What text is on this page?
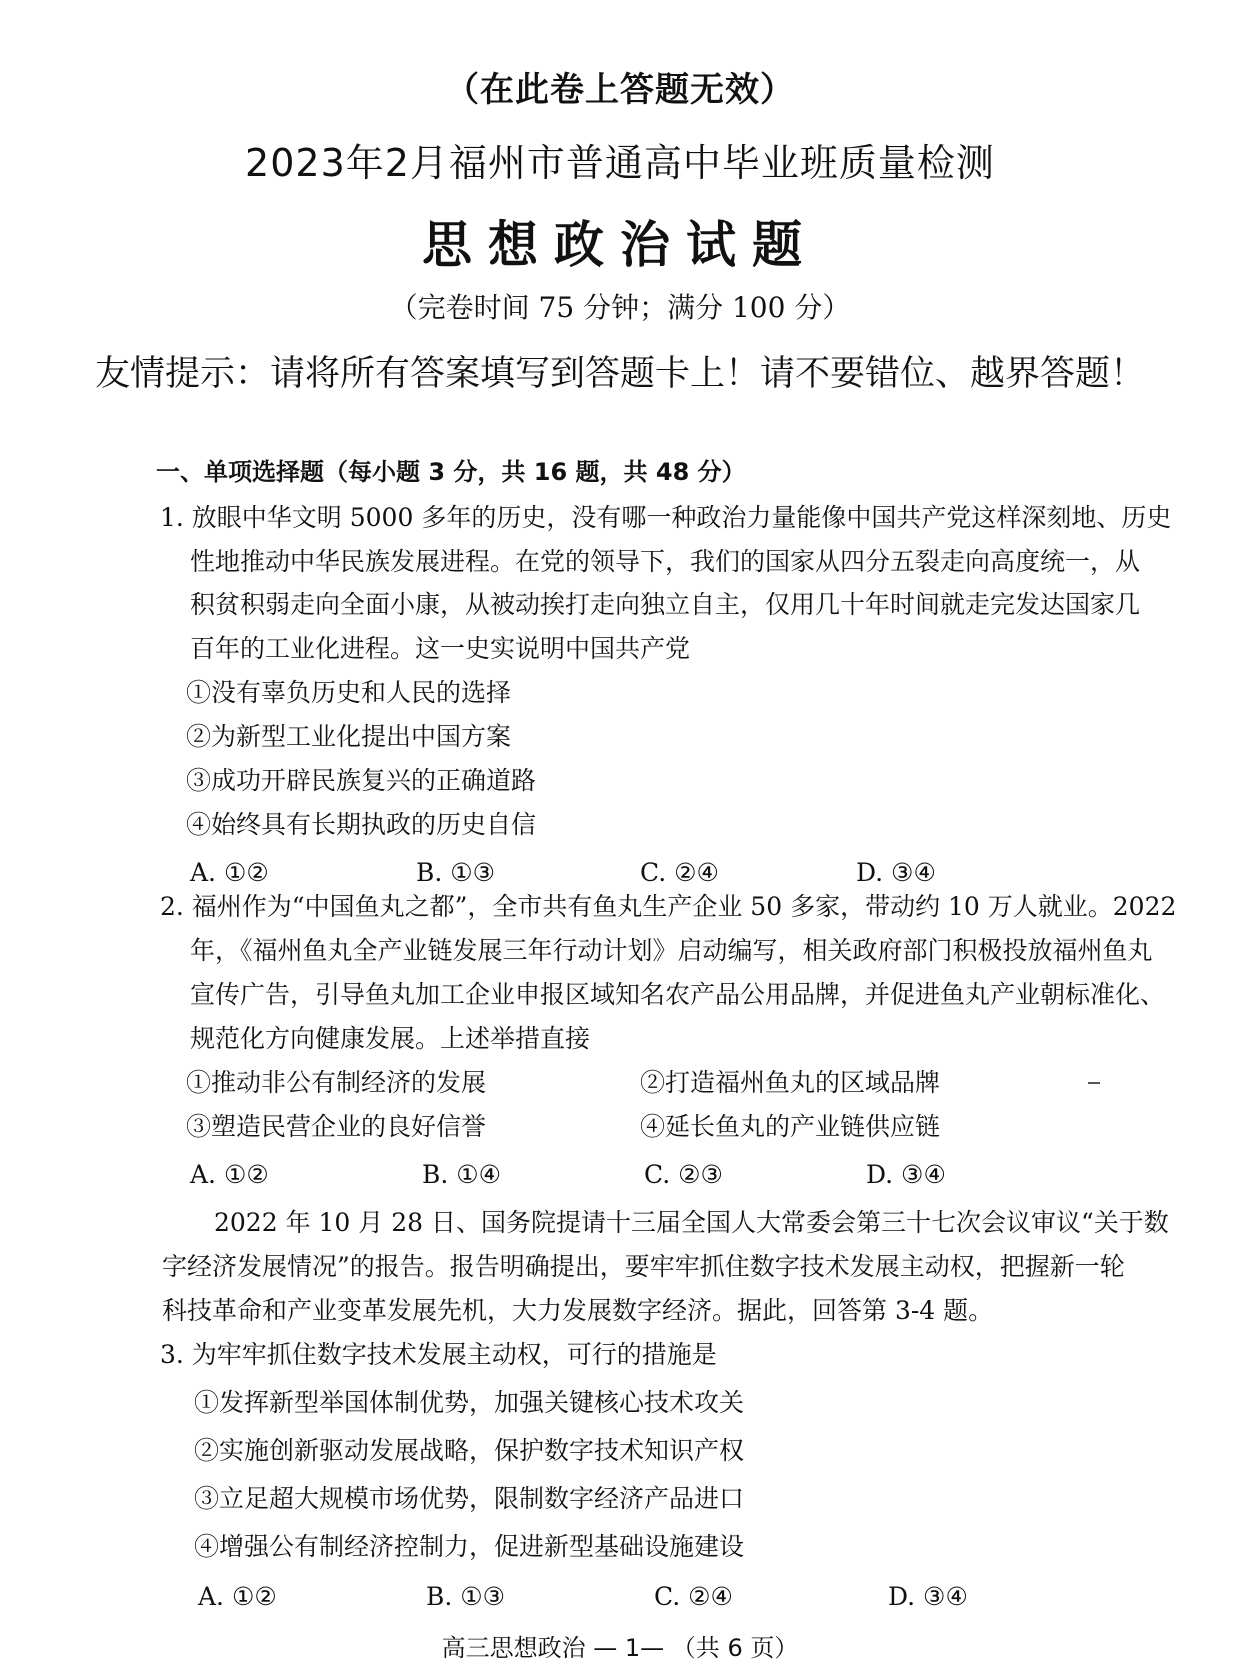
（在此卷上答题无效）
2023年2月福州市普通高中毕业班质量检测
思想政治试题
（完卷时间 75 分钟；满分 100 分）
友情提示：请将所有答案填写到答题卡上！请不要错位、越界答题！
一、单项选择题（每小题 3 分，共 16 题，共 48 分）
1. 放眼中华文明 5000 多年的历史，没有哪一种政治力量能像中国共产党这样深刻地、历史
性地推动中华民族发展进程。在党的领导下，我们的国家从四分五裂走向高度统一，从
积贫积弱走向全面小康，从被动挨打走向独立自主，仅用几十年时间就走完发达国家几
百年的工业化进程。这一史实说明中国共产党
①没有辜负历史和人民的选择
②为新型工业化提出中国方案
③成功开辟民族复兴的正确道路
④始终具有长期执政的历史自信
A. ①②	B. ①③	C. ②④	D. ③④
2. 福州作为“中国鱼丸之都”，全市共有鱼丸生产企业 50 多家，带动约 10 万人就业。2022
年，《福州鱼丸全产业链发展三年行动计划》启动编写，相关政府部门积极投放福州鱼丸
宣传广告，引导鱼丸加工企业申报区域知名农产品公用品牌，并促进鱼丸产业朝标准化、
规范化方向健康发展。上述举措直接
①推动非公有制经济的发展	②打造福州鱼丸的区域品牌
③塑造民营企业的良好信誉	④延长鱼丸的产业链供应链
A. ①②	B. ①④	C. ②③	D. ③④
2022 年 10 月 28 日、国务院提请十三届全国人大常委会第三十七次会议审议“关于数
字经济发展情况”的报告。报告明确提出，要牢牢抓住数字技术发展主动权，把握新一轮
科技革命和产业变革发展先机，大力发展数字经济。据此，回答第 3-4 题。
3. 为牢牢抓住数字技术发展主动权，可行的措施是
①发挥新型举国体制优势，加强关键核心技术攻关
②实施创新驱动发展战略，保护数字技术知识产权
③立足超大规模市场优势，限制数字经济产品进口
④增强公有制经济控制力，促进新型基础设施建设
A. ①②	B. ①③	C. ②④	D. ③④
高三思想政治 — 1— （共 6 页）
